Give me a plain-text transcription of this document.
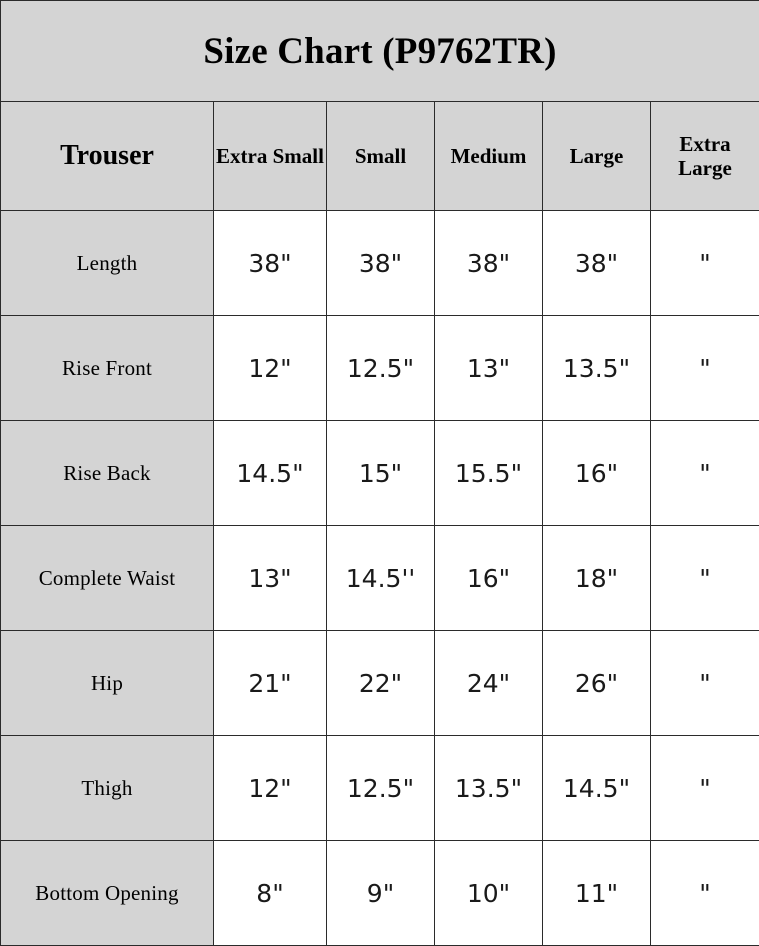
Size Chart (P9762TR)					
Trouser	Extra Small	Small	Medium	Large	Extra Large
Length	38"	38"	38"	38"	"
Rise Front	12"	12.5"	13"	13.5"	"
Rise Back	14.5"	15"	15.5"	16"	"
Complete Waist	13"	14.5''	16"	18"	"
Hip	21"	22"	24"	26"	"
Thigh	12"	12.5"	13.5"	14.5"	"
Bottom Opening	8"	9"	10"	11"	"
